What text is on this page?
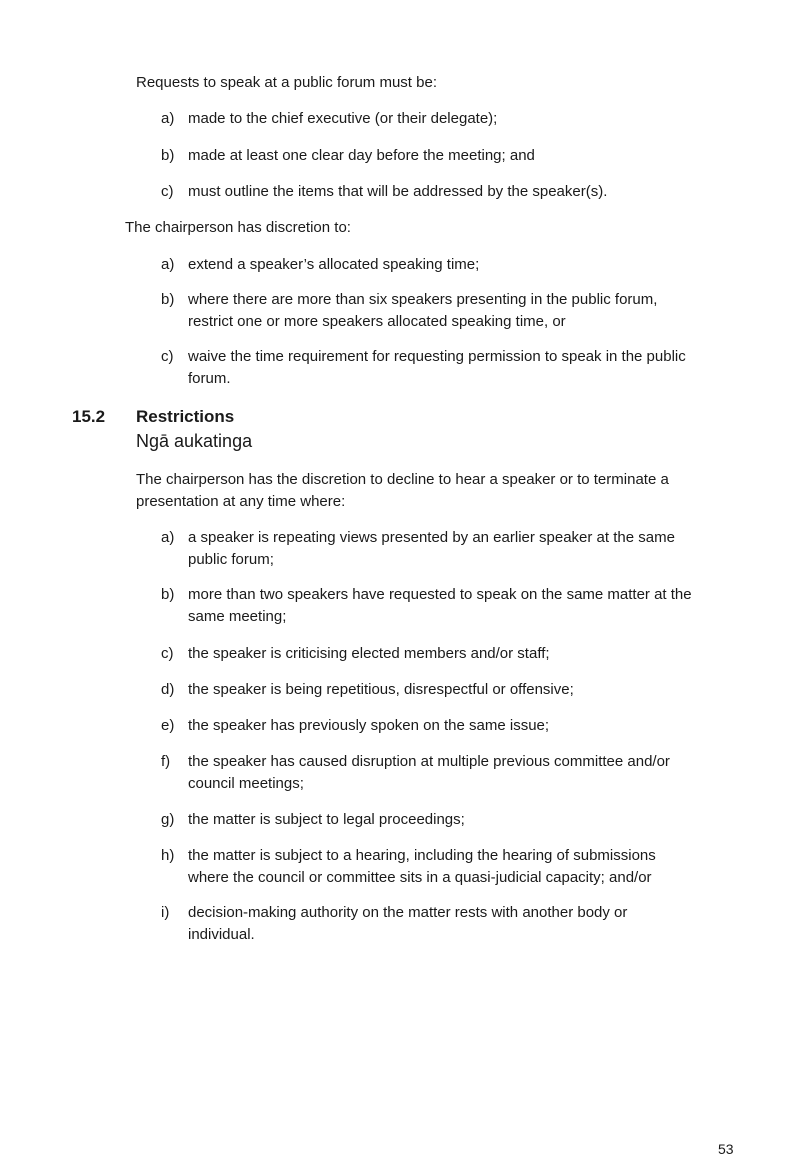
Requests to speak at a public forum must be:
a) made to the chief executive (or their delegate);
b) made at least one clear day before the meeting; and
c) must outline the items that will be addressed by the speaker(s).
The chairperson has discretion to:
a) extend a speaker’s allocated speaking time;
b) where there are more than six speakers presenting in the public forum,
restrict one or more speakers allocated speaking time, or
c) waive the time requirement for requesting permission to speak in the public
forum.
15.2 Restrictions
Ngā aukatinga
The chairperson has the discretion to decline to hear a speaker or to terminate a
presentation at any time where:
a) a speaker is repeating views presented by an earlier speaker at the same
public forum;
b) more than two speakers have requested to speak on the same matter at the
same meeting;
c) the speaker is criticising elected members and/or staff;
d) the speaker is being repetitious, disrespectful or offensive;
e) the speaker has previously spoken on the same issue;
f) the speaker has caused disruption at multiple previous committee and/or
council meetings;
g) the matter is subject to legal proceedings;
h) the matter is subject to a hearing, including the hearing of submissions
where the council or committee sits in a quasi-judicial capacity; and/or
i) decision-making authority on the matter rests with another body or
individual.
53
